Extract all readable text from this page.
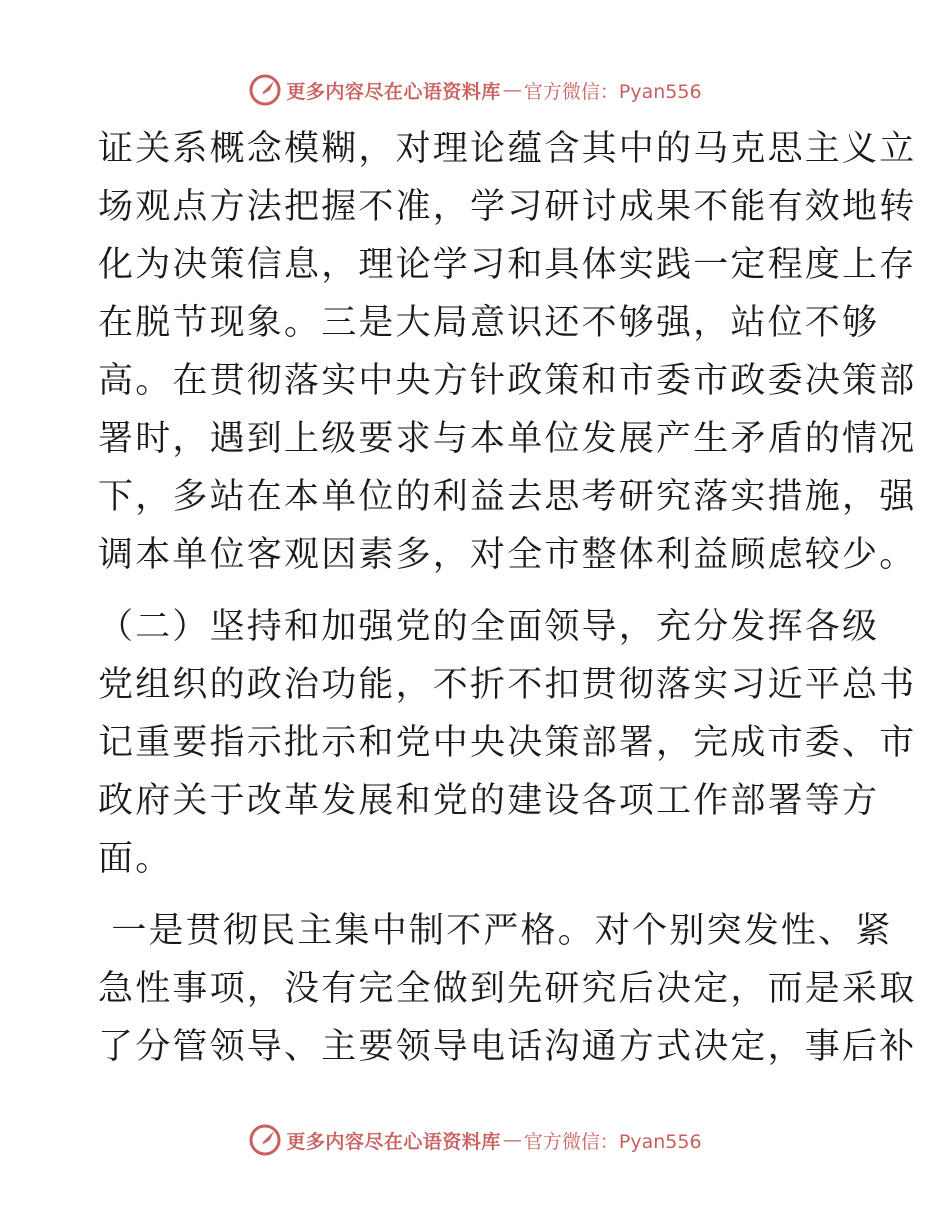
更多内容尽在心语资料库 — 官方微信：Pyan556
证关系概念模糊，对理论蕴含其中的马克思主义立
场观点方法把握不准，学习研讨成果不能有效地转
化为决策信息，理论学习和具体实践一定程度上存
在脱节现象。三是大局意识还不够强，站位不够
高。在贯彻落实中央方针政策和市委市政委决策部
署时，遇到上级要求与本单位发展产生矛盾的情况
下，多站在本单位的利益去思考研究落实措施，强
调本单位客观因素多，对全市整体利益顾虑较少。
（二）坚持和加强党的全面领导，充分发挥各级
党组织的政治功能，不折不扣贯彻落实习近平总书
记重要指示批示和党中央决策部署，完成市委、市
政府关于改革发展和党的建设各项工作部署等方
面。
一是贯彻民主集中制不严格。对个别突发性、紧
急性事项，没有完全做到先研究后决定，而是采取
了分管领导、主要领导电话沟通方式决定，事后补
更多内容尽在心语资料库 — 官方微信：Pyan556
